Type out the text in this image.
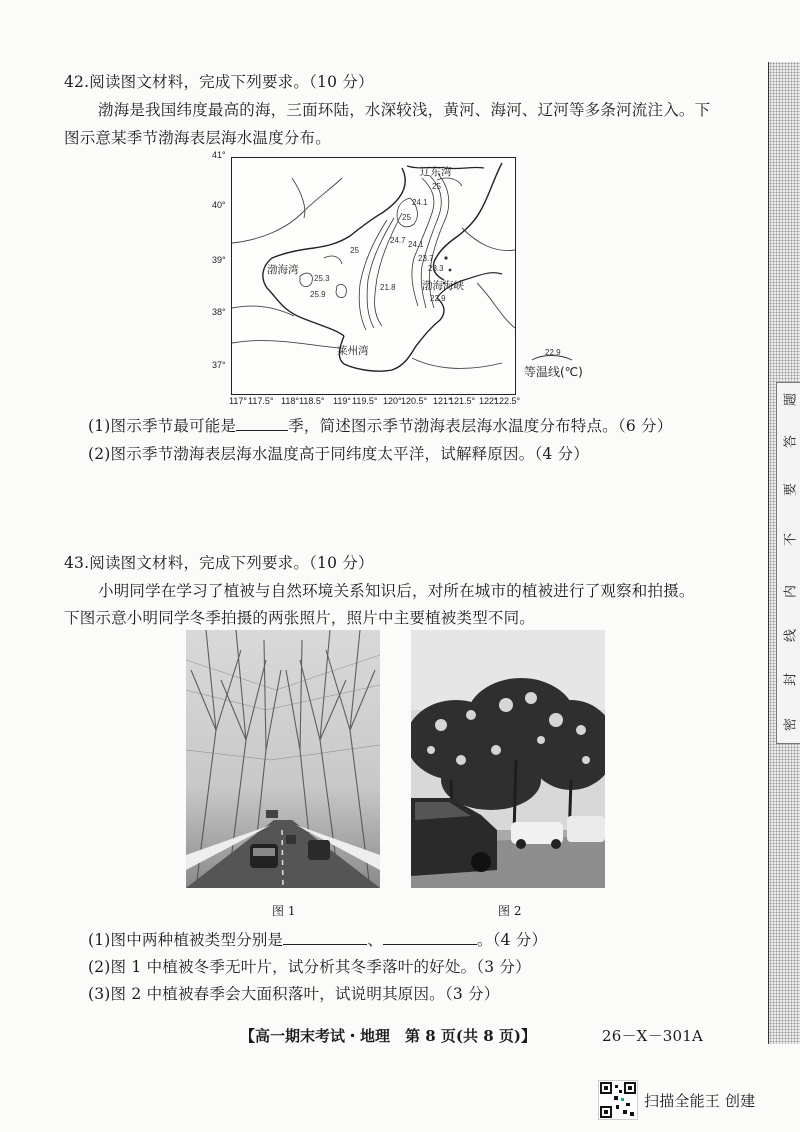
42.阅读图文材料，完成下列要求。（10 分）
渤海是我国纬度最高的海，三面环陆，水深较浅，黄河、海河、辽河等多条河流注入。下
图示意某季节渤海表层海水温度分布。
41°
40°
39°
38°
37°
辽东湾
渤海湾
渤海海峡
莱州湾
25
24.1
25
24.7 24.1
23.7
21.8
23.3
22.9
25.3
25.9
25
22.9
等温线(℃)
117° 117.5° 118° 118.5° 119° 119.5° 120° 120.5° 121°
121.5° 122°
122.5°
(1)图示季节最可能是	季，简述图示季节渤海表层海水温度分布特点。（6 分）
(2)图示季节渤海表层海水温度高于同纬度太平洋，试解释原因。（4 分）
43.阅读图文材料，完成下列要求。（10 分）
小明同学在学习了植被与自然环境关系知识后，对所在城市的植被进行了观察和拍摄。
下图示意小明同学冬季拍摄的两张照片，照片中主要植被类型不同。
图 1	图 2
(1)图中两种植被类型分别是	、	。（4 分）
(2)图 1 中植被冬季无叶片，试分析其冬季落叶的好处。（3 分）
(3)图 2 中植被春季会大面积落叶，试说明其原因。（3 分）
【高一期末考试・地理　第 8 页(共 8 页)】	26－X－301A
密
封
线
内
不
要
答
题
扫描全能王 创建
